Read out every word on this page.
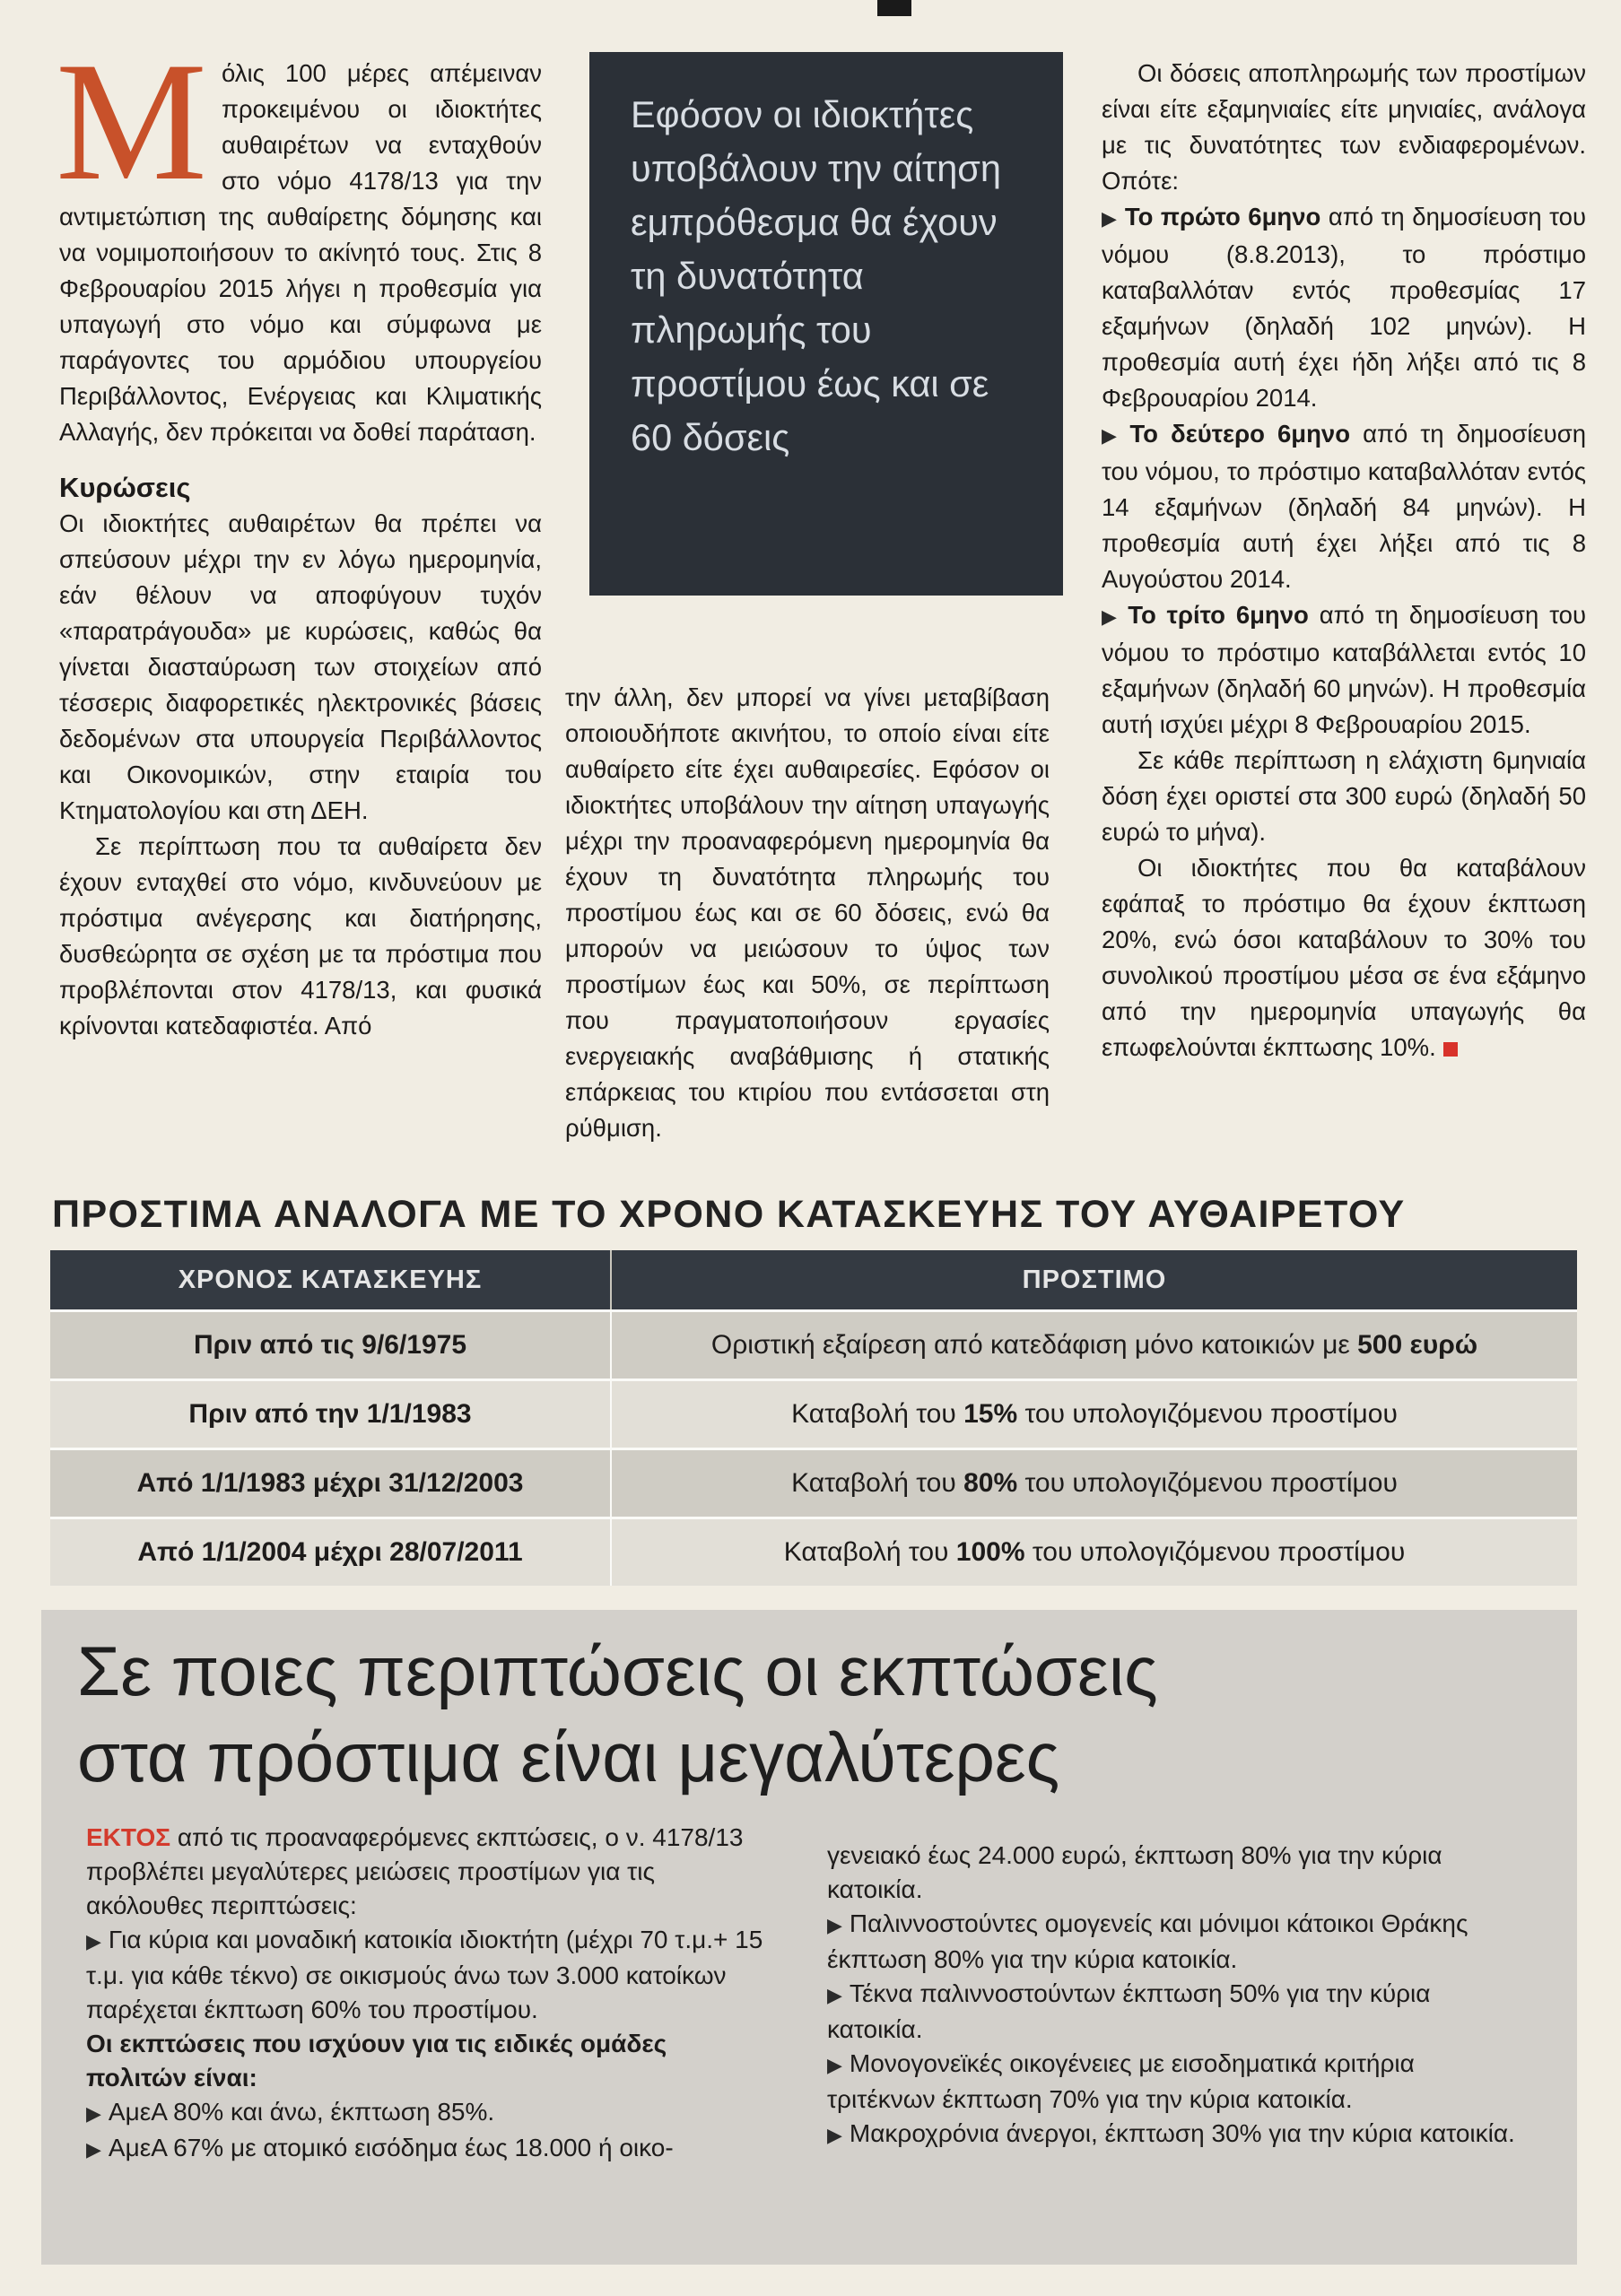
Μόλις 100 μέρες απέμειναν προκειμένου οι ιδιοκτήτες αυθαιρέτων να ενταχθούν στο νόμο 4178/13 για την αντιμετώπιση της αυθαίρετης δόμησης και να νομιμοποιήσουν το ακίνητό τους. Στις 8 Φεβρουαρίου 2015 λήγει η προθεσμία για υπαγωγή στο νόμο και σύμφωνα με παράγοντες του αρμόδιου υπουργείου Περιβάλλοντος, Ενέργειας και Κλιματικής Αλλαγής, δεν πρόκειται να δοθεί παράταση.

Κυρώσεις

Οι ιδιοκτήτες αυθαιρέτων θα πρέπει να σπεύσουν μέχρι την εν λόγω ημερομηνία, εάν θέλουν να αποφύγουν τυχόν «παρατράγουδα» με κυρώσεις, καθώς θα γίνεται διασταύρωση των στοιχείων από τέσσερις διαφορετικές ηλεκτρονικές βάσεις δεδομένων στα υπουργεία Περιβάλλοντος και Οικονομικών, στην εταιρία του Κτηματολογίου και στη ΔΕΗ.

Σε περίπτωση που τα αυθαίρετα δεν έχουν ενταχθεί στο νόμο, κινδυνεύουν με πρόστιμα ανέγερσης και διατήρησης, δυσθεώρητα σε σχέση με τα πρόστιμα που προβλέπονται στον 4178/13, και φυσικά κρίνονται κατεδαφιστέα. Από

Εφόσον οι ιδιοκτήτες υποβάλουν την αίτηση εμπρόθεσμα θα έχουν τη δυνατότητα πληρωμής του προστίμου έως και σε 60 δόσεις

την άλλη, δεν μπορεί να γίνει μεταβίβαση οποιουδήποτε ακινήτου, το οποίο είναι είτε αυθαίρετο είτε έχει αυθαιρεσίες. Εφόσον οι ιδιοκτήτες υποβάλουν την αίτηση υπαγωγής μέχρι την προαναφερόμενη ημερομηνία θα έχουν τη δυνατότητα πληρωμής του προστίμου έως και σε 60 δόσεις, ενώ θα μπορούν να μειώσουν το ύψος των προστίμων έως και 50%, σε περίπτωση που πραγματοποιήσουν εργασίες ενεργειακής αναβάθμισης ή στατικής επάρκειας του κτιρίου που εντάσσεται στη ρύθμιση.

Οι δόσεις αποπληρωμής των προστίμων είναι είτε εξαμηνιαίες είτε μηνιαίες, ανάλογα με τις δυνατότητες των ενδιαφερομένων. Οπότε:

▶ Το πρώτο 6μηνο από τη δημοσίευση του νόμου (8.8.2013), το πρόστιμο καταβαλλόταν εντός προθεσμίας 17 εξαμήνων (δηλαδή 102 μηνών). Η προθεσμία αυτή έχει ήδη λήξει από τις 8 Φεβρουαρίου 2014.

▶ Το δεύτερο 6μηνο από τη δημοσίευση του νόμου, το πρόστιμο καταβαλλόταν εντός 14 εξαμήνων (δηλαδή 84 μηνών). Η προθεσμία αυτή έχει λήξει από τις 8 Αυγούστου 2014.

▶ Το τρίτο 6μηνο από τη δημοσίευση του νόμου το πρόστιμο καταβάλλεται εντός 10 εξαμήνων (δηλαδή 60 μηνών). Η προθεσμία αυτή ισχύει μέχρι 8 Φεβρουαρίου 2015.

Σε κάθε περίπτωση η ελάχιστη 6μηνιαία δόση έχει οριστεί στα 300 ευρώ (δηλαδή 50 ευρώ το μήνα).

Οι ιδιοκτήτες που θα καταβάλουν εφάπαξ το πρόστιμο θα έχουν έκπτωση 20%, ενώ όσοι καταβάλουν το 30% του συνολικού προστίμου μέσα σε ένα εξάμηνο από την ημερομηνία υπαγωγής θα επωφελούνται έκπτωσης 10%.

ΠΡΟΣΤΙΜΑ ΑΝΑΛΟΓΑ ΜΕ ΤΟ ΧΡΟΝΟ ΚΑΤΑΣΚΕΥΗΣ ΤΟΥ ΑΥΘΑΙΡΕΤΟΥ
ΧΡΟΝΟΣ ΚΑΤΑΣΚΕΥΗΣ	ΠΡΟΣΤΙΜΟ
Πριν από τις 9/6/1975	Οριστική εξαίρεση από κατεδάφιση μόνο κατοικιών με 500 ευρώ
Πριν από την 1/1/1983	Καταβολή του 15% του υπολογιζόμενου προστίμου
Από 1/1/1983 μέχρι 31/12/2003	Καταβολή του 80% του υπολογιζόμενου προστίμου
Από 1/1/2004 μέχρι 28/07/2011	Καταβολή του 100% του υπολογιζόμενου προστίμου
Σε ποιες περιπτώσεις οι εκπτώσεις
στα πρόστιμα είναι μεγαλύτερες

ΕΚΤΟΣ από τις προαναφερόμενες εκπτώσεις, ο ν. 4178/13 προβλέπει μεγαλύτερες μειώσεις προστίμων για τις ακόλουθες περιπτώσεις:

▶ Για κύρια και μοναδική κατοικία ιδιοκτήτη (μέχρι 70 τ.μ.+ 15 τ.μ. για κάθε τέκνο) σε οικισμούς άνω των 3.000 κατοίκων παρέχεται έκπτωση 60% του προστίμου.

Οι εκπτώσεις που ισχύουν για τις ειδικές ομάδες πολιτών είναι:

▶ ΑμεΑ 80% και άνω, έκπτωση 85%.

▶ ΑμεΑ 67% με ατομικό εισόδημα έως 18.000 ή οικο-

γενειακό έως 24.000 ευρώ, έκπτωση 80% για την κύρια κατοικία.

▶ Παλιννοστούντες ομογενείς και μόνιμοι κάτοικοι Θράκης έκπτωση 80% για την κύρια κατοικία.

▶ Τέκνα παλιννοστούντων έκπτωση 50% για την κύρια κατοικία.

▶ Μονογονεϊκές οικογένειες με εισοδηματικά κριτήρια τριτέκνων έκπτωση 70% για την κύρια κατοικία.

▶ Μακροχρόνια άνεργοι, έκπτωση 30% για την κύρια κατοικία.
